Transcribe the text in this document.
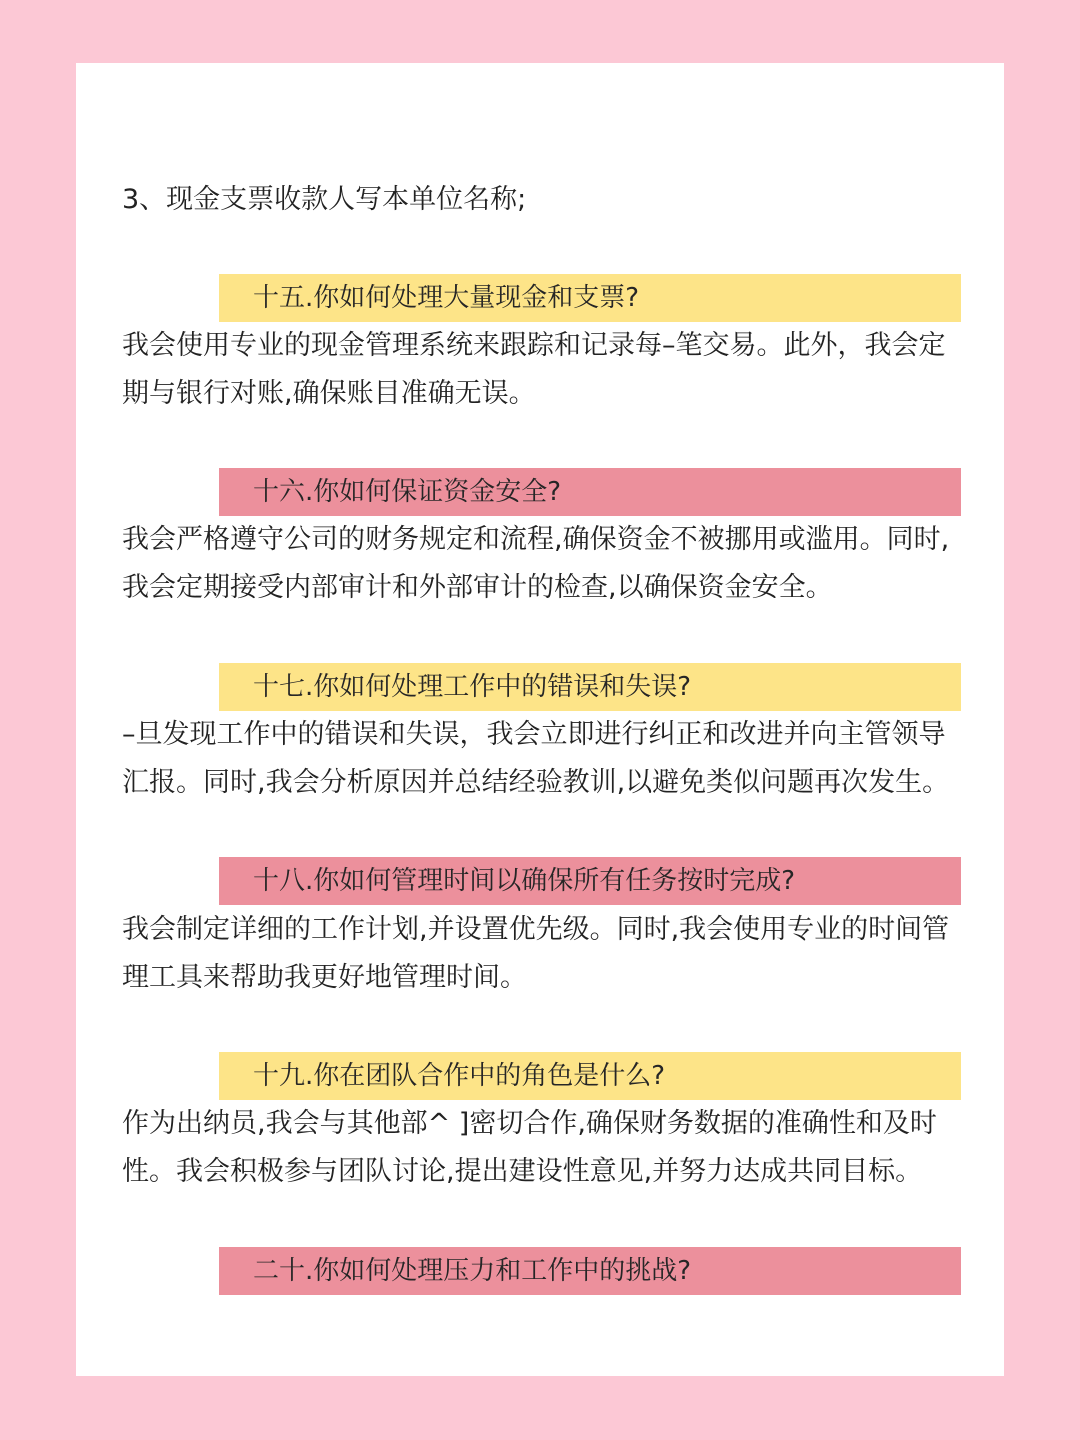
3、现金支票收款人写本单位名称;

十五.你如何处理大量现金和支票?

我会使用专业的现金管理系统来跟踪和记录每–笔交易。此外，我会定期与银行对账,确保账目准确无误。

十六.你如何保证资金安全?

我会严格遵守公司的财务规定和流程,确保资金不被挪用或滥用。同时,我会定期接受内部审计和外部审计的检查,以确保资金安全。

十七.你如何处理工作中的错误和失误?

–旦发现工作中的错误和失误，我会立即进行纠正和改进并向主管领导汇报。同时,我会分析原因并总结经验教训,以避免类似问题再次发生。

十八.你如何管理时间以确保所有任务按时完成?

我会制定详细的工作计划,并设置优先级。同时,我会使用专业的时间管理工具来帮助我更好地管理时间。

十九.你在团队合作中的角色是什么?

作为出纳员,我会与其他部^ ]密切合作,确保财务数据的准确性和及时性。我会积极参与团队讨论,提出建设性意见,并努力达成共同目标。

二十.你如何处理压力和工作中的挑战?
